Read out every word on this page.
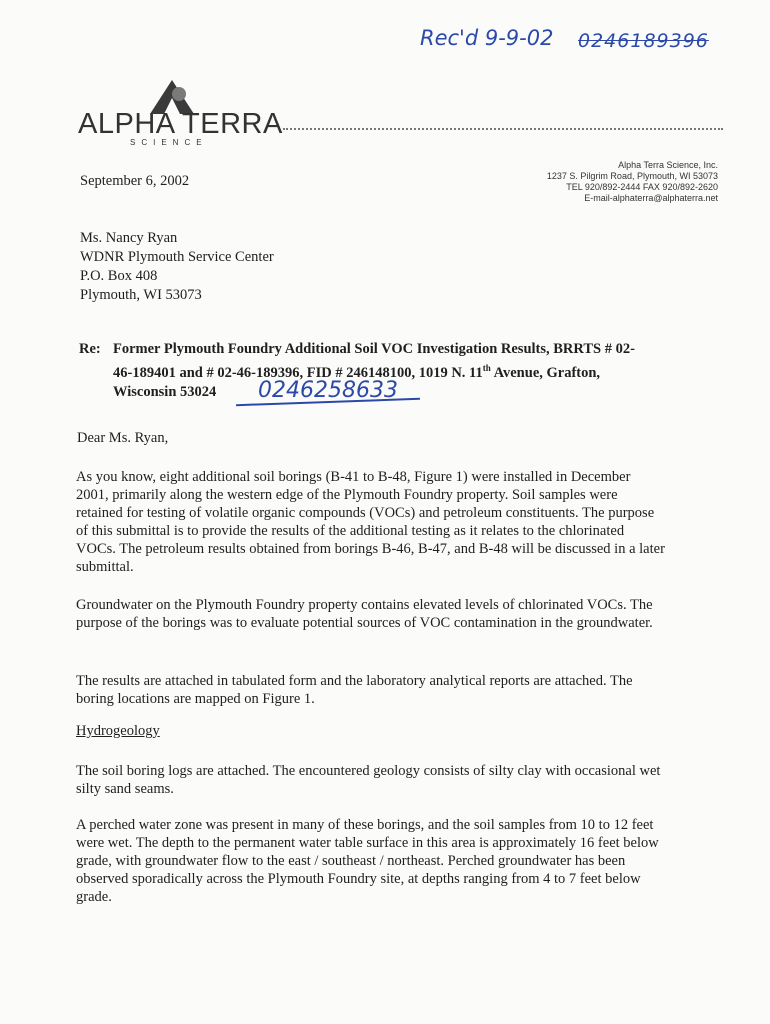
Rec'd 9-9-02 0246189396
ALPHA TERRA
SCIENCE
Alpha Terra Science, Inc.
1237 S. Pilgrim Road, Plymouth, WI 53073
TEL 920/892-2444 FAX 920/892-2620
E-mail-alphaterra@alphaterra.net
September 6, 2002
Ms. Nancy Ryan
WDNR Plymouth Service Center
P.O. Box 408
Plymouth, WI 53073
Re: Former Plymouth Foundry Additional Soil VOC Investigation Results, BRRTS # 02-
46-189401 and # 02-46-189396, FID # 246148100, 1019 N. 11th Avenue, Grafton,
Wisconsin 53024	0246258633
Dear Ms. Ryan,
As you know, eight additional soil borings (B-41 to B-48, Figure 1) were installed in December 2001, primarily along the western edge of the Plymouth Foundry property. Soil samples were retained for testing of volatile organic compounds (VOCs) and petroleum constituents. The purpose of this submittal is to provide the results of the additional testing as it relates to the chlorinated VOCs. The petroleum results obtained from borings B-46, B-47, and B-48 will be discussed in a later submittal.
Groundwater on the Plymouth Foundry property contains elevated levels of chlorinated VOCs. The purpose of the borings was to evaluate potential sources of VOC contamination in the groundwater.
The results are attached in tabulated form and the laboratory analytical reports are attached. The boring locations are mapped on Figure 1.
Hydrogeology
The soil boring logs are attached. The encountered geology consists of silty clay with occasional wet silty sand seams.
A perched water zone was present in many of these borings, and the soil samples from 10 to 12 feet were wet. The depth to the permanent water table surface in this area is approximately 16 feet below grade, with groundwater flow to the east / southeast / northeast. Perched groundwater has been observed sporadically across the Plymouth Foundry site, at depths ranging from 4 to 7 feet below grade.
